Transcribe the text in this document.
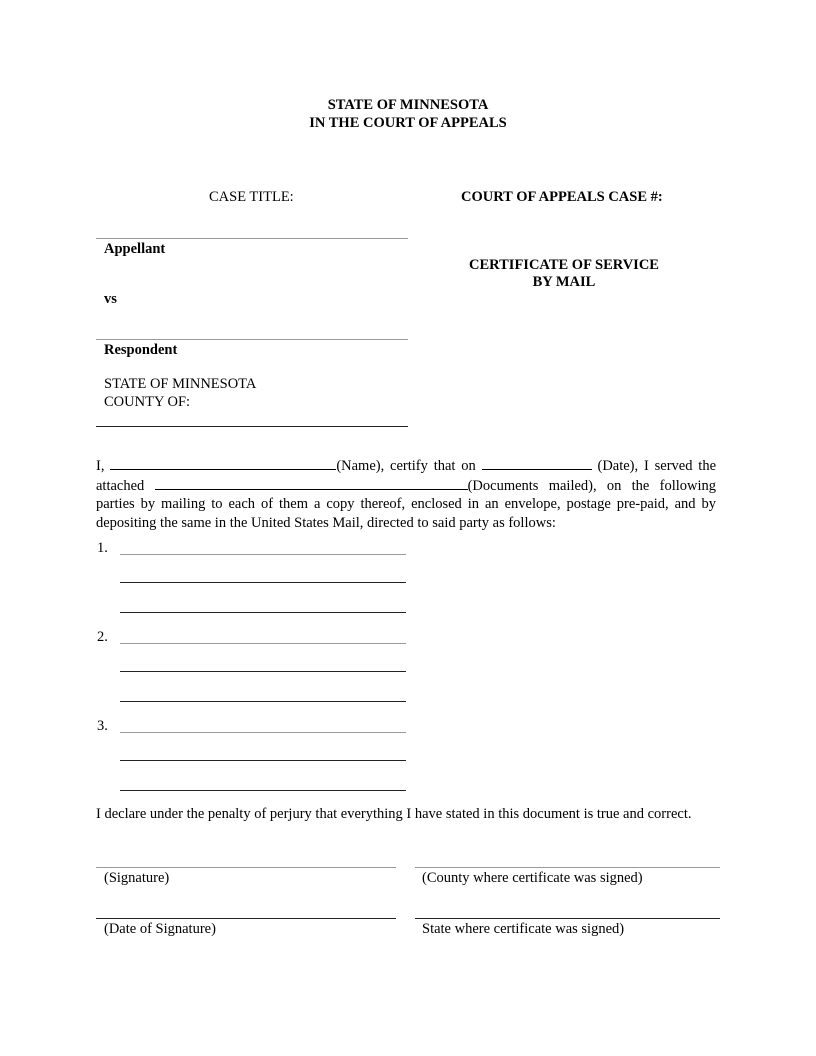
STATE OF MINNESOTA
IN THE COURT OF APPEALS
CASE TITLE:	COURT OF APPEALS CASE #:
Appellant
vs
CERTIFICATE OF SERVICE
BY MAIL
Respondent
STATE OF MINNESOTA
COUNTY OF:
I,	(Name), certify that on	(Date), I served the attached	(Documents mailed), on the following parties by mailing to each of them a copy thereof, enclosed in an envelope, postage pre-paid, and by depositing the same in the United States Mail, directed to said party as follows:
1.
2.
3.
I declare under the penalty of perjury that everything I have stated in this document is true and correct.
(Signature)	(County where certificate was signed)
(Date of Signature)	State where certificate was signed)
